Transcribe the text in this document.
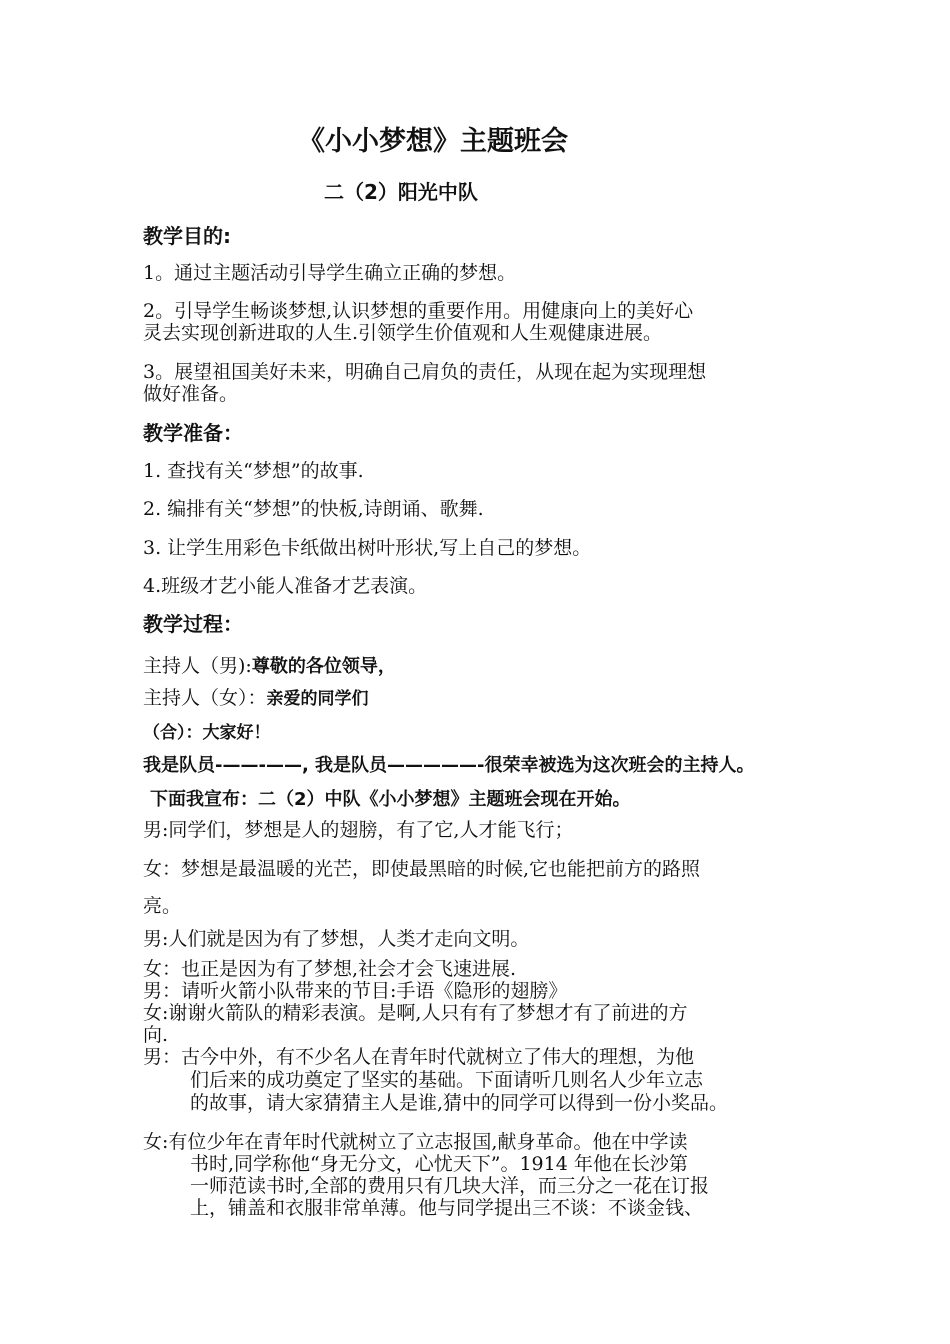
《小小梦想》主题班会
二（2）阳光中队
教学目的:
1。通过主题活动引导学生确立正确的梦想。
2。引导学生畅谈梦想,认识梦想的重要作用。用健康向上的美好心
灵去实现创新进取的人生.引领学生价值观和人生观健康进展。
3。展望祖国美好未来，明确自己肩负的责任，从现在起为实现理想
做好准备。
教学准备：
1. 查找有关“梦想”的故事.
2. 编排有关“梦想”的快板,诗朗诵、歌舞.
3. 让学生用彩色卡纸做出树叶形状,写上自己的梦想。
4.班级才艺小能人准备才艺表演。
教学过程：
主持人（男):尊敬的各位领导，
主持人（女）：亲爱的同学们
（合）：大家好！
我是队员-——-——, 我是队员—————-很荣幸被选为这次班会的主持人。
下面我宣布：二（2）中队《小小梦想》主题班会现在开始。
男:同学们，梦想是人的翅膀，有了它,人才能飞行；
女：梦想是最温暖的光芒，即使最黑暗的时候,它也能把前方的路照
亮。
男:人们就是因为有了梦想，人类才走向文明。
女：也正是因为有了梦想,社会才会飞速进展.
男：请听火箭小队带来的节目:手语《隐形的翅膀》
女:谢谢火箭队的精彩表演。是啊,人只有有了梦想才有了前进的方
向.
男：古今中外，有不少名人在青年时代就树立了伟大的理想，为他
们后来的成功奠定了坚实的基础。下面请听几则名人少年立志
的故事，请大家猜猜主人是谁,猜中的同学可以得到一份小奖品。
女:有位少年在青年时代就树立了立志报国,献身革命。他在中学读
书时,同学称他“身无分文，心忧天下”。1914 年他在长沙第
一师范读书时,全部的费用只有几块大洋，而三分之一花在订报
上，铺盖和衣服非常单薄。他与同学提出三不谈：不谈金钱、
